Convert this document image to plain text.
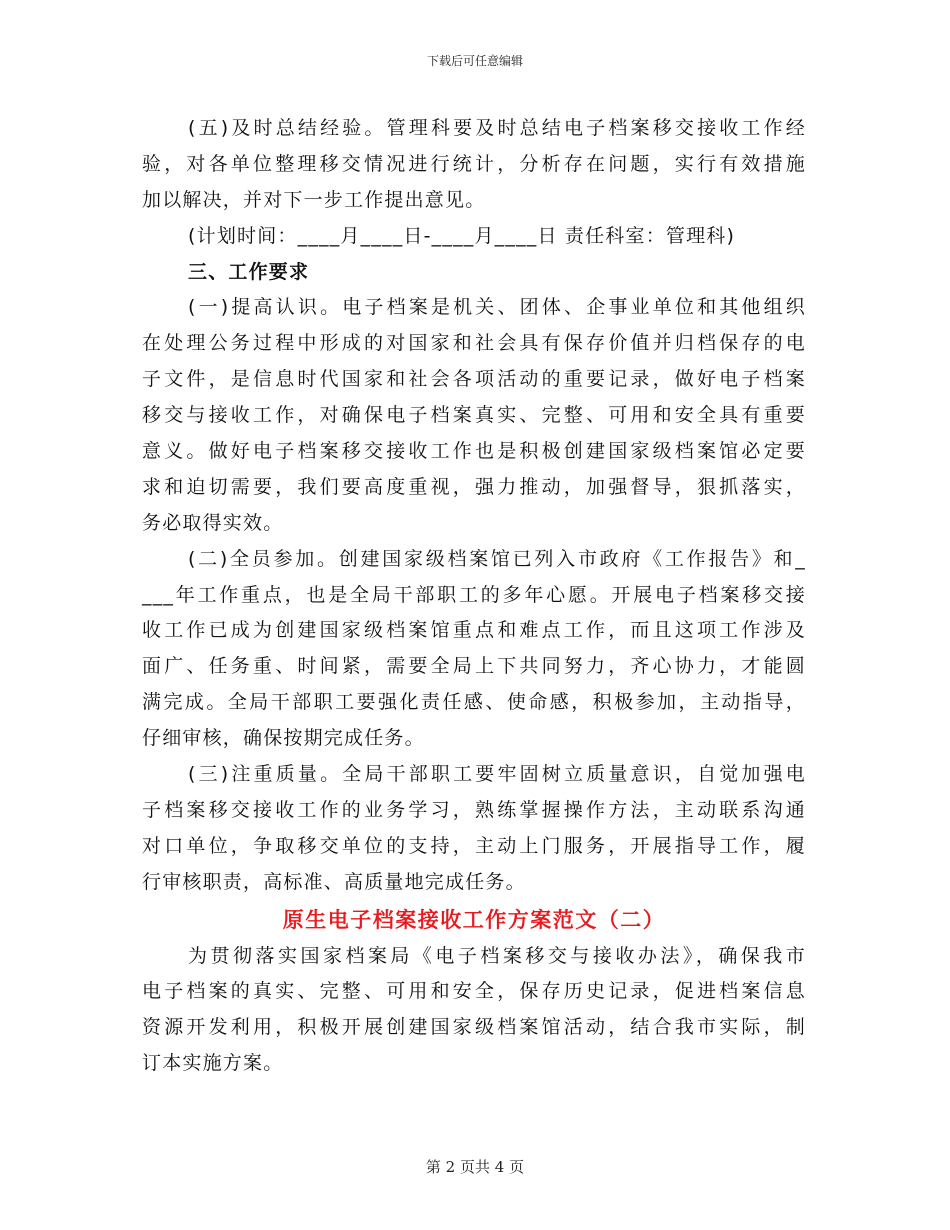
下载后可任意编辑
(五)及时总结经验。管理科要及时总结电子档案移交接收工作经
验，对各单位整理移交情况进行统计，分析存在问题，实行有效措施
加以解决，并对下一步工作提出意见。
(计划时间：____月____日-____月____日 责任科室：管理科)
三、工作要求
(一)提高认识。电子档案是机关、团体、企事业单位和其他组织
在处理公务过程中形成的对国家和社会具有保存价值并归档保存的电
子文件，是信息时代国家和社会各项活动的重要记录，做好电子档案
移交与接收工作，对确保电子档案真实、完整、可用和安全具有重要
意义。做好电子档案移交接收工作也是积极创建国家级档案馆必定要
求和迫切需要，我们要高度重视，强力推动，加强督导，狠抓落实，
务必取得实效。
(二)全员参加。创建国家级档案馆已列入市政府《工作报告》和_
___年工作重点，也是全局干部职工的多年心愿。开展电子档案移交接
收工作已成为创建国家级档案馆重点和难点工作，而且这项工作涉及
面广、任务重、时间紧，需要全局上下共同努力，齐心协力，才能圆
满完成。全局干部职工要强化责任感、使命感，积极参加，主动指导，
仔细审核，确保按期完成任务。
(三)注重质量。全局干部职工要牢固树立质量意识，自觉加强电
子档案移交接收工作的业务学习，熟练掌握操作方法，主动联系沟通
对口单位，争取移交单位的支持，主动上门服务，开展指导工作，履
行审核职责，高标准、高质量地完成任务。
原生电子档案接收工作方案范文（二）
为贯彻落实国家档案局《电子档案移交与接收办法》，确保我市
电子档案的真实、完整、可用和安全，保存历史记录，促进档案信息
资源开发利用，积极开展创建国家级档案馆活动，结合我市实际，制
订本实施方案。
第 2 页共 4 页
